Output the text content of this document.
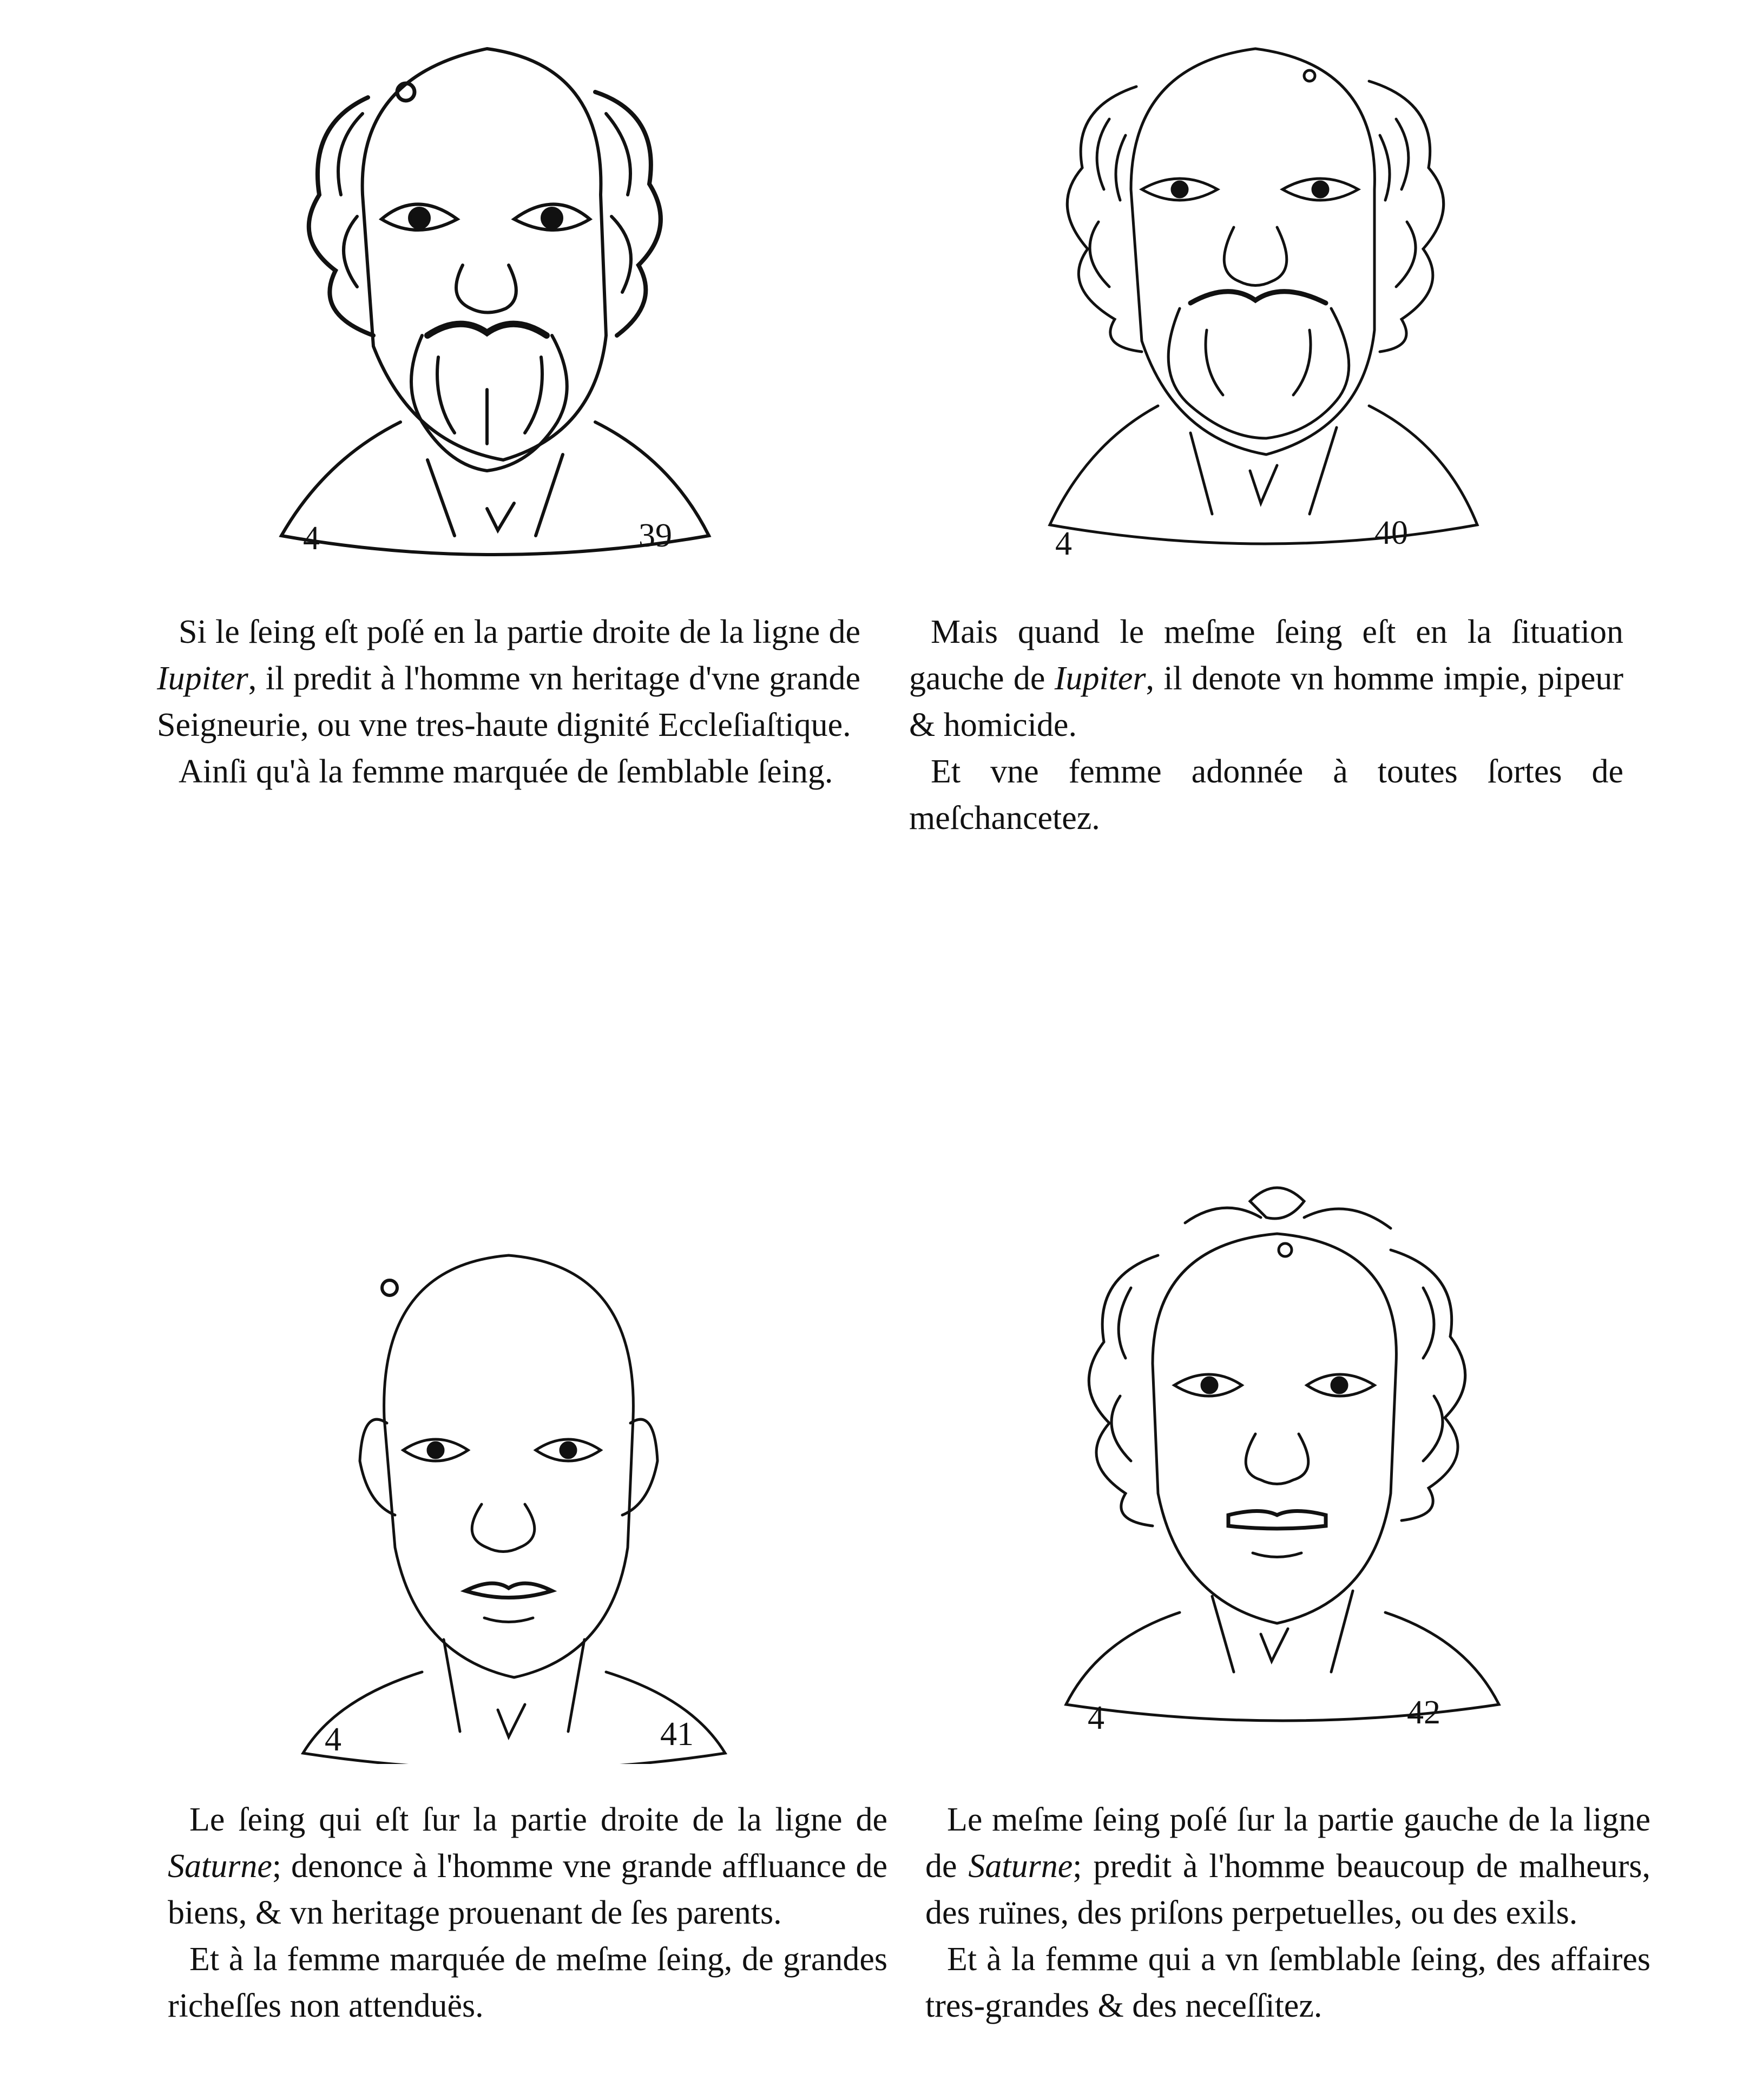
4	39	4	40
4	41	4	42

Si le ſeing eſt poſé en la partie droite de la ligne de Iupiter, il predit à l'homme vn heritage d'vne grande Seigneurie, ou vne tres-haute dignité Eccleſiaſtique.

Ainſi qu'à la femme marquée de ſemblable ſeing.

Mais quand le meſme ſeing eſt en la ſituation gauche de Iupiter, il denote vn homme impie, pipeur & homicide.

Et vne femme adonnée à toutes ſortes de meſchancetez.

Le ſeing qui eſt ſur la partie droite de la ligne de Saturne; denonce à l'homme vne grande affluance de biens, & vn heritage prouenant de ſes parents.

Et à la femme marquée de meſme ſeing, de grandes richeſſes non attenduës.

Le meſme ſeing poſé ſur la partie gauche de la ligne de Saturne; predit à l'homme beaucoup de malheurs, des ruïnes, des priſons perpetuelles, ou des exils.

Et à la femme qui a vn ſemblable ſeing, des affaires tres-grandes & des neceſſitez.
